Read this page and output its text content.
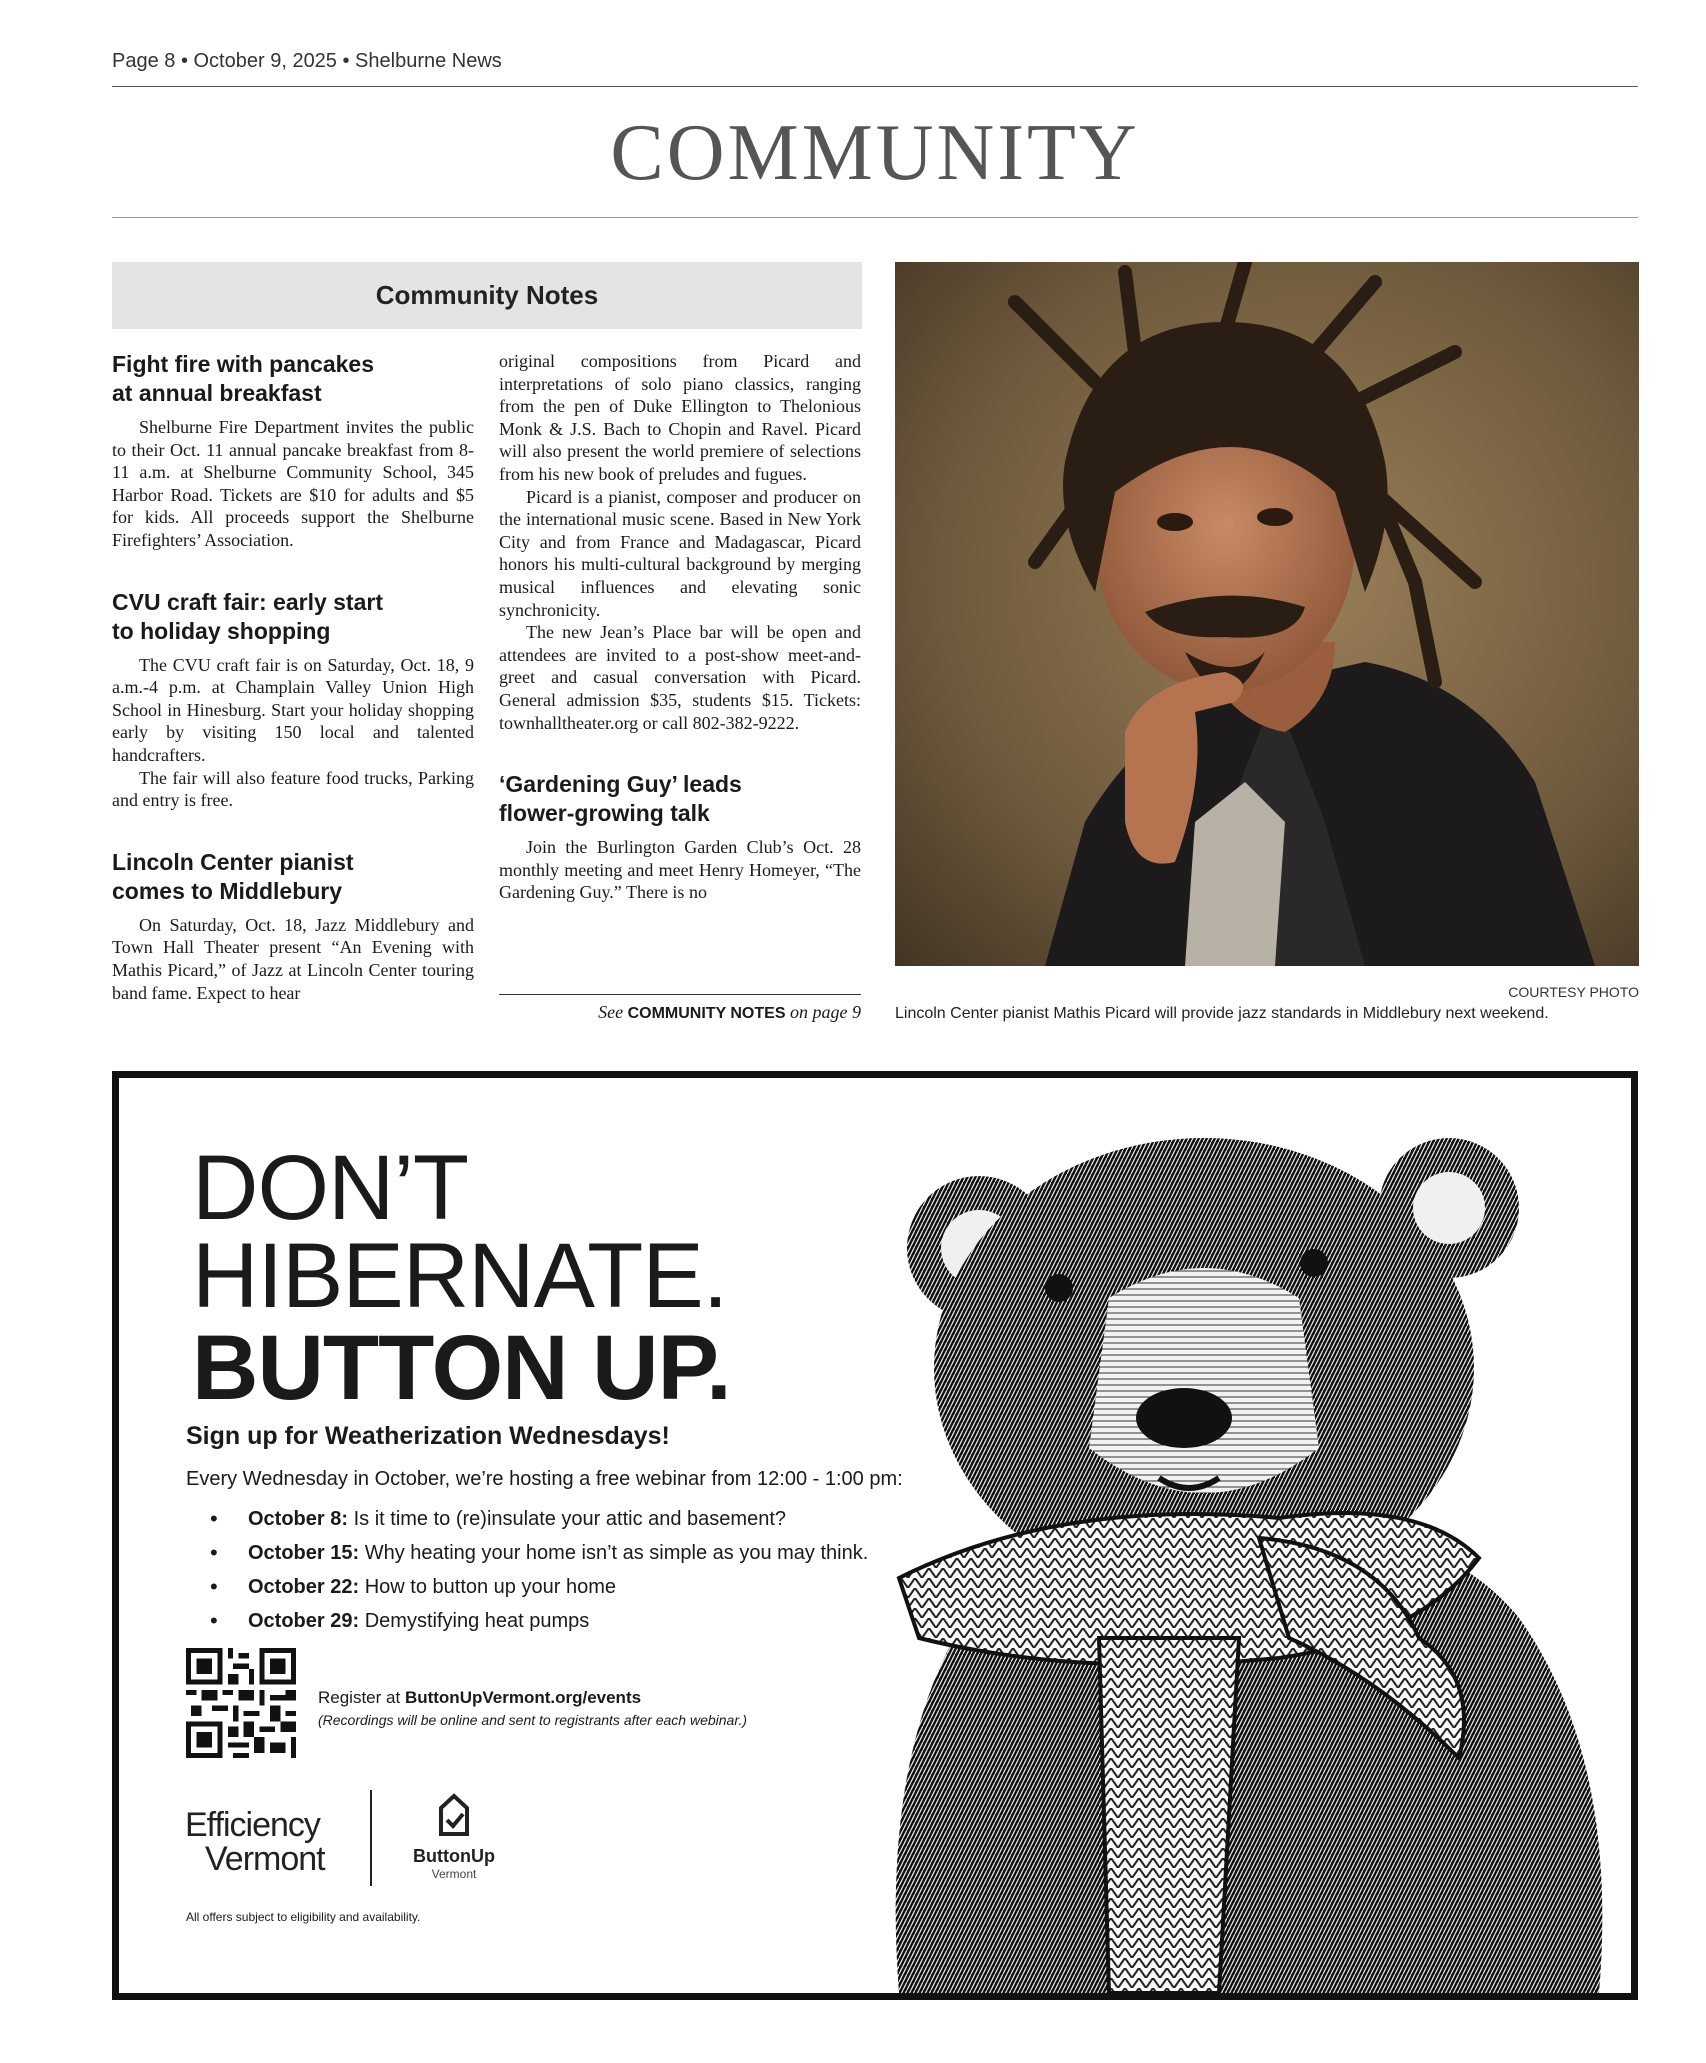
Page 8 • October 9, 2025 • Shelburne News
COMMUNITY
Community Notes
Fight fire with pancakes
at annual breakfast

Shelburne Fire Department invites the public to their Oct. 11 annual pancake breakfast from 8-11 a.m. at Shelburne Community School, 345 Harbor Road. Tickets are $10 for adults and $5 for kids. All proceeds support the Shelburne Firefighters’ Association.

CVU craft fair: early start
to holiday shopping

The CVU craft fair is on Saturday, Oct. 18, 9 a.m.-4 p.m. at Champlain Valley Union High School in Hinesburg. Start your holiday shopping early by visiting 150 local and talented handcrafters.

The fair will also feature food trucks, Parking and entry is free.

Lincoln Center pianist
comes to Middlebury

On Saturday, Oct. 18, Jazz Middlebury and Town Hall Theater present “An Evening with Mathis Picard,” of Jazz at Lincoln Center touring band fame. Expect to hear

original compositions from Picard and interpretations of solo piano classics, ranging from the pen of Duke Ellington to Thelonious Monk & J.S. Bach to Chopin and Ravel. Picard will also present the world premiere of selections from his new book of preludes and fugues.

Picard is a pianist, composer and producer on the international music scene. Based in New York City and from France and Madagascar, Picard honors his multi-cultural background by merging musical influences and elevating sonic synchronicity.

The new Jean’s Place bar will be open and attendees are invited to a post-show meet-and-greet and casual conversation with Picard. General admission $35, students $15. Tickets: townhalltheater.org or call 802-382-9222.

‘Gardening Guy’ leads
flower-growing talk

Join the Burlington Garden Club’s Oct. 28 monthly meeting and meet Henry Homeyer, “The Gardening Guy.” There is no

See COMMUNITY NOTES on page 9
COURTESY PHOTO
Lincoln Center pianist Mathis Picard will provide jazz standards in Middlebury next weekend.
DON’T
HIBERNATE.
BUTTON UP.
Sign up for Weatherization Wednesdays!
Every Wednesday in October, we’re hosting a free webinar from 12:00 - 1:00 pm:
• October 8: Is it time to (re)insulate your attic and basement?
• October 15: Why heating your home isn’t as simple as you may think.
• October 22: How to button up your home
• October 29: Demystifying heat pumps
Register at ButtonUpVermont.org/events
(Recordings will be online and sent to registrants after each webinar.)
Efficiency
Vermont	ButtonUp
Vermont
All offers subject to eligibility and availability.
